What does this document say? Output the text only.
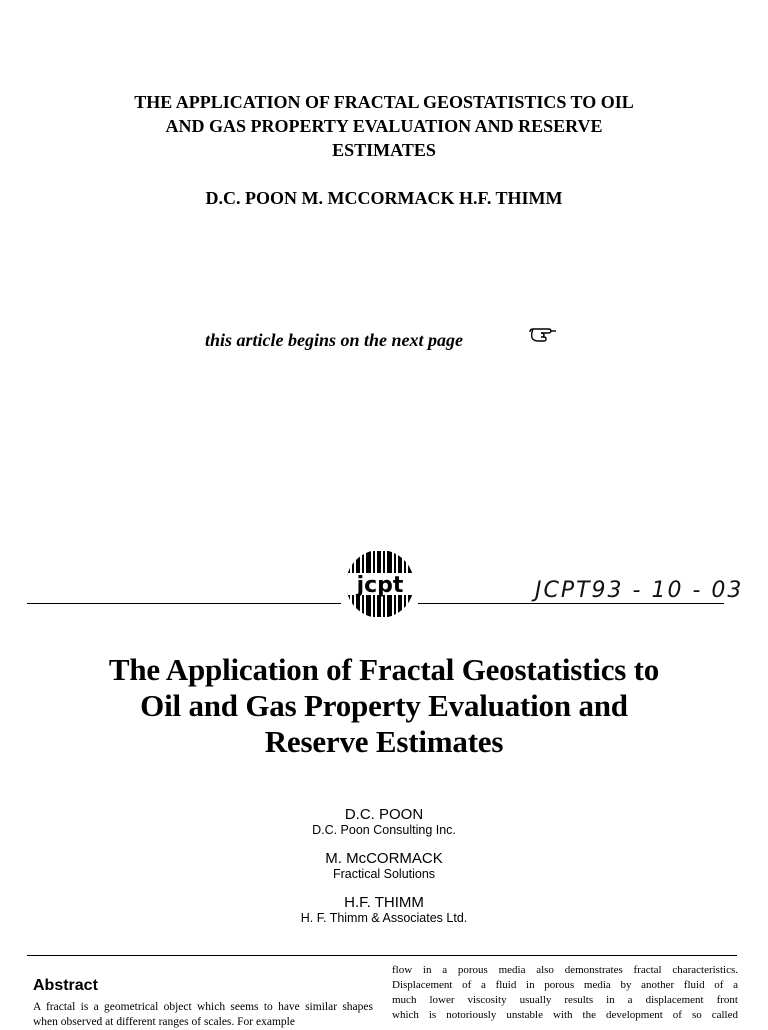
THE APPLICATION OF FRACTAL GEOSTATISTICS TO OIL
AND GAS PROPERTY EVALUATION AND RESERVE
ESTIMATES
D.C. POON M. MCCORMACK H.F. THIMM
this article begins on the next page
jcpt	JCPT93 - 10 - 03
The Application of Fractal Geostatistics to
Oil and Gas Property Evaluation and
Reserve Estimates
D.C. POON
D.C. Poon Consulting Inc.
M. McCORMACK
Fractical Solutions
H.F. THIMM
H. F. Thimm & Associates Ltd.
Abstract
A fractal is a geometrical object which seems to have similar shapes when observed at different ranges of scales. For example
flow in a porous media also demonstrates fractal characteristics.
Displacement of a fluid in porous media by another fluid of a
much lower viscosity usually results in a displacement front
which is notoriously unstable with the development of so called
